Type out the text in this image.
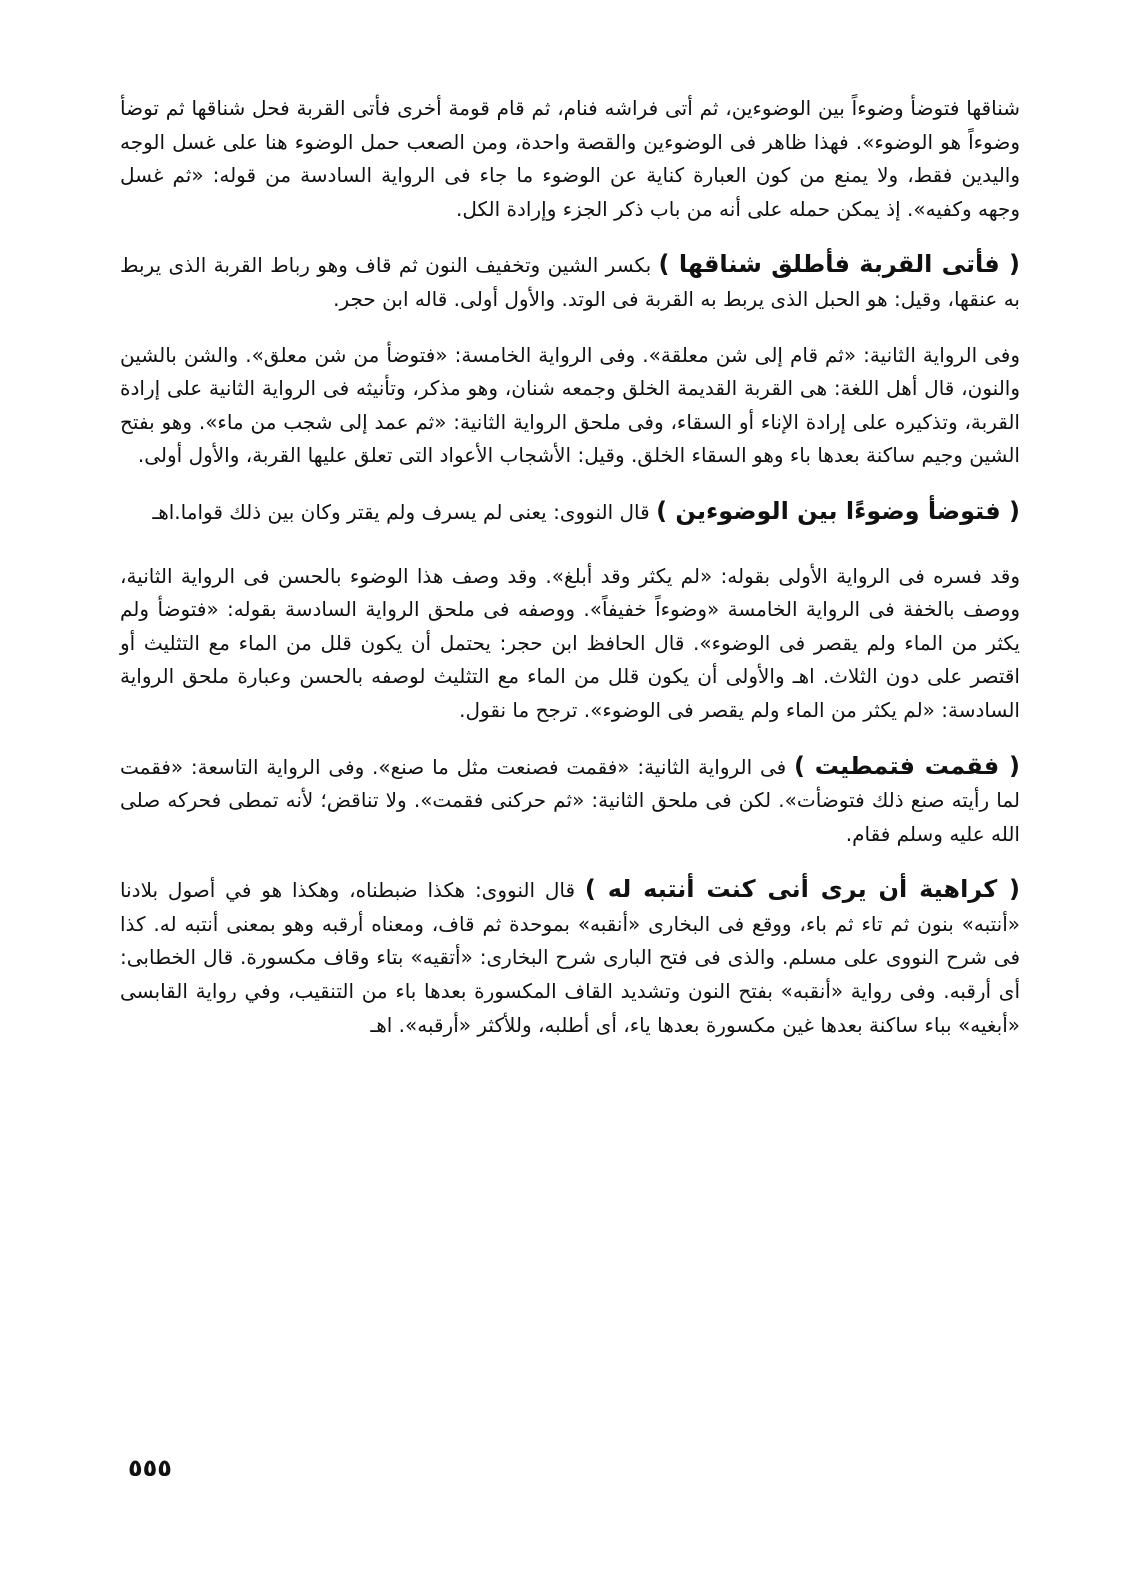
شناقها فتوضأ وضوءاً بين الوضوءين، ثم أتى فراشه فنام، ثم قام قومة أخرى فأتى القربة فحل شناقها ثم توضأ وضوءاً هو الوضوء». فهذا ظاهر فى الوضوءين والقصة واحدة، ومن الصعب حمل الوضوء هنا على غسل الوجه واليدين فقط، ولا يمنع من كون العبارة كناية عن الوضوء ما جاء فى الرواية السادسة من قوله: «ثم غسل وجهه وكفيه». إذ يمكن حمله على أنه من باب ذكر الجزء وإرادة الكل.

( فأتى القربة فأطلق شناقها ) بكسر الشين وتخفيف النون ثم قاف وهو رباط القربة الذى يربط به عنقها، وقيل: هو الحبل الذى يربط به القربة فى الوتد. والأول أولى. قاله ابن حجر.

وفى الرواية الثانية: «ثم قام إلى شن معلقة». وفى الرواية الخامسة: «فتوضأ من شن معلق». والشن بالشين والنون، قال أهل اللغة: هى القربة القديمة الخلق وجمعه شنان، وهو مذكر، وتأنيثه فى الرواية الثانية على إرادة القربة، وتذكيره على إرادة الإناء أو السقاء، وفى ملحق الرواية الثانية: «ثم عمد إلى شجب من ماء». وهو بفتح الشين وجيم ساكنة بعدها باء وهو السقاء الخلق. وقيل: الأشجاب الأعواد التى تعلق عليها القربة، والأول أولى.

( فتوضأ وضوءًا بين الوضوءين ) قال النووى: يعنى لم يسرف ولم يقتر وكان بين ذلك قواما.اهـ

وقد فسره فى الرواية الأولى بقوله: «لم يكثر وقد أبلغ». وقد وصف هذا الوضوء بالحسن فى الرواية الثانية، ووصف بالخفة فى الرواية الخامسة «وضوءاً خفيفاً». ووصفه فى ملحق الرواية السادسة بقوله: «فتوضأ ولم يكثر من الماء ولم يقصر فى الوضوء». قال الحافظ ابن حجر: يحتمل أن يكون قلل من الماء مع التثليث أو اقتصر على دون الثلاث. اهـ والأولى أن يكون قلل من الماء مع التثليث لوصفه بالحسن وعبارة ملحق الرواية السادسة: «لم يكثر من الماء ولم يقصر فى الوضوء». ترجح ما نقول.

( فقمت فتمطيت ) فى الرواية الثانية: «فقمت فصنعت مثل ما صنع». وفى الرواية التاسعة: «فقمت لما رأيته صنع ذلك فتوضأت». لكن فى ملحق الثانية: «ثم حركنى فقمت». ولا تناقض؛ لأنه تمطى فحركه صلى الله عليه وسلم فقام.

( كراهية أن يرى أنى كنت أنتبه له ) قال النووى: هكذا ضبطناه، وهكذا هو في أصول بلادنا «أنتبه» بنون ثم تاء ثم باء، ووقع فى البخارى «أنقبه» بموحدة ثم قاف، ومعناه أرقبه وهو بمعنى أنتبه له. كذا فى شرح النووى على مسلم. والذى فى فتح البارى شرح البخارى: «أتقيه» بتاء وقاف مكسورة. قال الخطابى: أى أرقبه. وفى رواية «أنقبه» بفتح النون وتشديد القاف المكسورة بعدها باء من التنقيب، وفي رواية القابسى «أبغيه» بباء ساكنة بعدها غين مكسورة بعدها ياء، أى أطلبه، وللأكثر «أرقبه». اهـ

٥٥٥
